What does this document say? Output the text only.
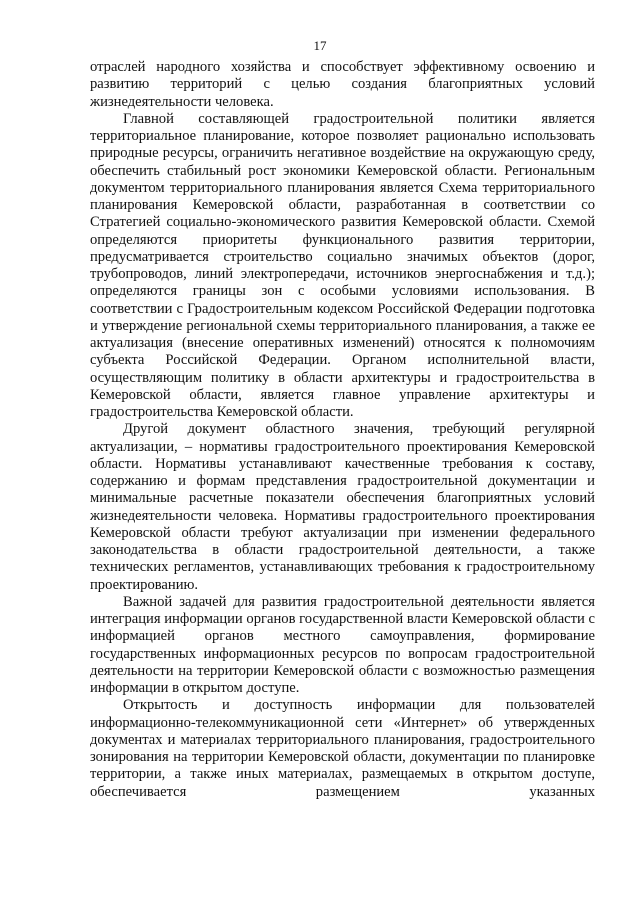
17

отраслей народного хозяйства и способствует эффективному освоению и развитию территорий с целью создания благоприятных условий жизнедеятельности человека.

Главной составляющей градостроительной политики является территориальное планирование, которое позволяет рационально использовать природные ресурсы, ограничить негативное воздействие на окружающую среду, обеспечить стабильный рост экономики Кемеровской области. Региональным документом территориального планирования является Схема территориального планирования Кемеровской области, разработанная в соответствии со Стратегией социально-экономического развития Кемеровской области. Схемой определяются приоритеты функционального развития территории, предусматривается строительство социально значимых объектов (дорог, трубопроводов, линий электропередачи, источников энергоснабжения и т.д.); определяются границы зон с особыми условиями использования. В соответствии с Градостроительным кодексом Российской Федерации подготовка и утверждение региональной схемы территориального планирования, а также ее актуализация (внесение оперативных изменений) относятся к полномочиям субъекта Российской Федерации. Органом исполнительной власти, осуществляющим политику в области архитектуры и градостроительства в Кемеровской области, является главное управление архитектуры и градостроительства Кемеровской области.

Другой документ областного значения, требующий регулярной актуализации, – нормативы градостроительного проектирования Кемеровской области. Нормативы устанавливают качественные требования к составу, содержанию и формам представления градостроительной документации и минимальные расчетные показатели обеспечения благоприятных условий жизнедеятельности человека. Нормативы градостроительного проектирования Кемеровской области требуют актуализации при изменении федерального законодательства в области градостроительной деятельности, а также технических регламентов, устанавливающих требования к градостроительному проектированию.

Важной задачей для развития градостроительной деятельности является интеграция информации органов государственной власти Кемеровской области с информацией органов местного самоуправления, формирование государственных информационных ресурсов по вопросам градостроительной деятельности на территории Кемеровской области с возможностью размещения информации в открытом доступе.

Открытость и доступность информации для пользователей информационно-телекоммуникационной сети «Интернет» об утвержденных документах и материалах территориального планирования, градостроительного зонирования на территории Кемеровской области, документации по планировке территории, а также иных материалах, размещаемых в открытом доступе, обеспечивается размещением указанных
